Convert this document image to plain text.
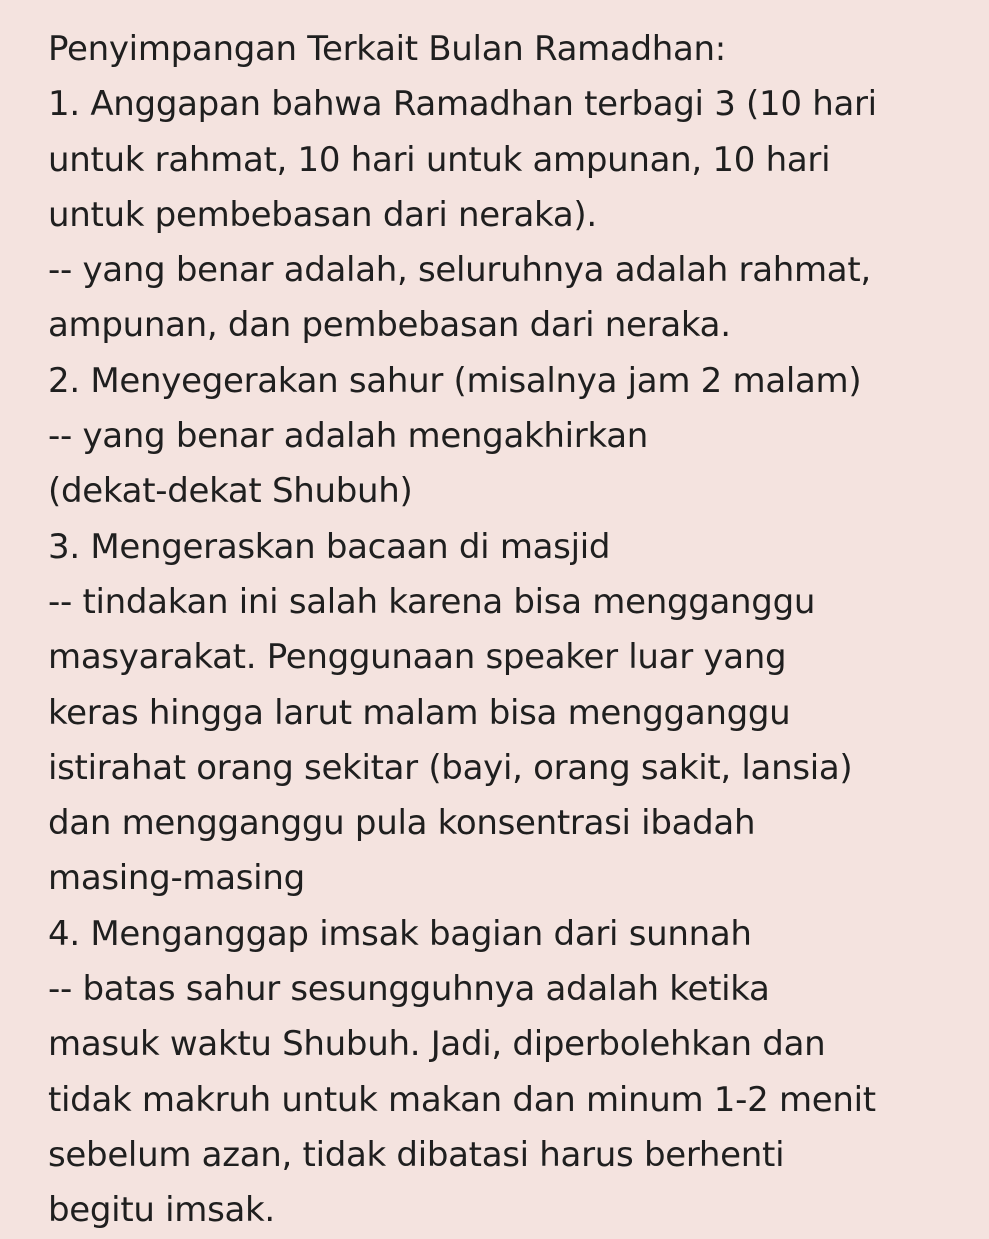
Penyimpangan Terkait Bulan Ramadhan:
1. Anggapan bahwa Ramadhan terbagi 3 (10 hari
untuk rahmat, 10 hari untuk ampunan, 10 hari
untuk pembebasan dari neraka).
-- yang benar adalah, seluruhnya adalah rahmat,
ampunan, dan pembebasan dari neraka.
2. Menyegerakan sahur (misalnya jam 2 malam)
-- yang benar adalah mengakhirkan
(dekat-dekat Shubuh)
3. Mengeraskan bacaan di masjid
-- tindakan ini salah karena bisa mengganggu
masyarakat. Penggunaan speaker luar yang
keras hingga larut malam bisa mengganggu
istirahat orang sekitar (bayi, orang sakit, lansia)
dan mengganggu pula konsentrasi ibadah
masing-masing
4. Menganggap imsak bagian dari sunnah
-- batas sahur sesungguhnya adalah ketika
masuk waktu Shubuh. Jadi, diperbolehkan dan
tidak makruh untuk makan dan minum 1-2 menit
sebelum azan, tidak dibatasi harus berhenti
begitu imsak.
